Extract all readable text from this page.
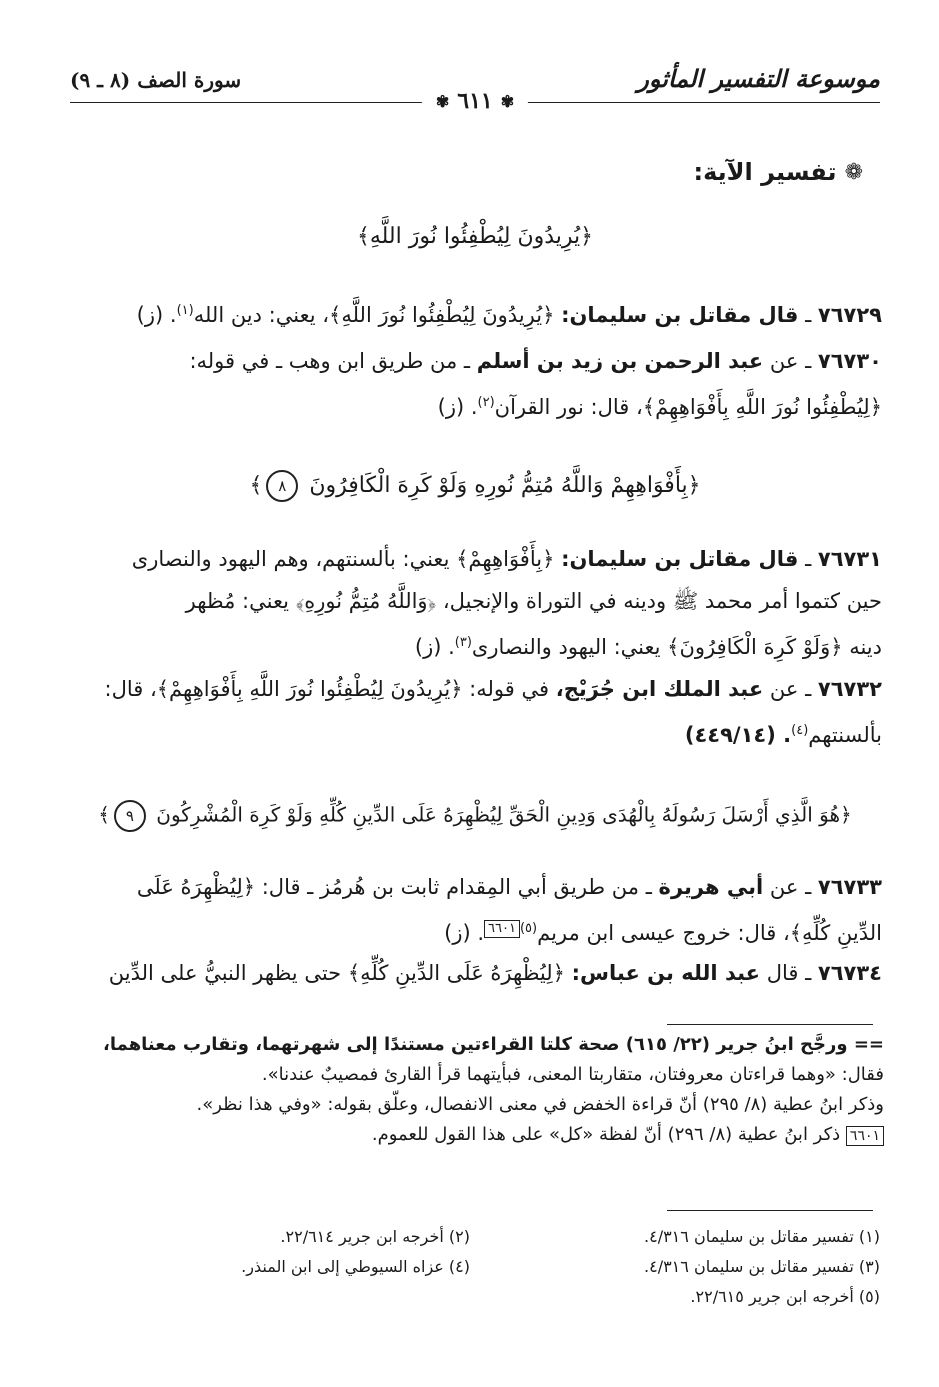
موسوعة التفسير المأثور
سورة الصف (٨ ـ ٩)
✾
٦١١
✾
❁
تفسير الآية:
﴿يُرِيدُونَ لِيُطْفِئُوا نُورَ اللَّهِ﴾
٧٦٧٢٩ ـ قال مقاتل بن سليمان: ﴿يُرِيدُونَ لِيُطْفِئُوا نُورَ اللَّهِ﴾، يعني: دين الله$^{(١)}$. (ز)
٧٦٧٣٠ ـ عن عبد الرحمن بن زيد بن أسلم ـ من طريق ابن وهب ـ في قوله:
﴿لِيُطْفِئُوا نُورَ اللَّهِ بِأَفْوَاهِهِمْ﴾، قال: نور القرآن$^{(٢)}$. (ز)
﴿بِأَفْوَاهِهِمْ وَاللَّهُ مُتِمُّ نُورِهِ وَلَوْ كَرِهَ الْكَافِرُونَ ٨﴾
٧٦٧٣١ ـ قال مقاتل بن سليمان: ﴿بِأَفْوَاهِهِمْ﴾ يعني: بألسنتهم، وهم اليهود والنصارى
حين كتموا أمر محمد ﷺ ودينه في التوراة والإنجيل، ﴿وَاللَّهُ مُتِمُّ نُورِهِ﴾ يعني: مُظهر
دينه ﴿وَلَوْ كَرِهَ الْكَافِرُونَ﴾ يعني: اليهود والنصارى$^{(٣)}$. (ز)
٧٦٧٣٢ ـ عن عبد الملك ابن جُرَيْج، في قوله: ﴿يُرِيدُونَ لِيُطْفِئُوا نُورَ اللَّهِ بِأَفْوَاهِهِمْ﴾، قال:
بألسنتهم$^{(٤)}$. (٤٤٩/١٤)
﴿هُوَ الَّذِي أَرْسَلَ رَسُولَهُ بِالْهُدَى وَدِينِ الْحَقِّ لِيُظْهِرَهُ عَلَى الدِّينِ كُلِّهِ وَلَوْ كَرِهَ الْمُشْرِكُونَ ٩﴾
٧٦٧٣٣ ـ عن أبي هريرة ـ من طريق أبي المِقدام ثابت بن هُرمُز ـ قال: ﴿لِيُظْهِرَهُ عَلَى
الدِّينِ كُلِّهِ﴾، قال: خروج عيسى ابن مريم$^{(٥)}$٦٦٠١. (ز)
٧٦٧٣٤ ـ قال عبد الله بن عباس: ﴿لِيُظْهِرَهُ عَلَى الدِّينِ كُلِّهِ﴾ حتى يظهر النبيُّ على الدِّين
== ورجَّح ابنُ جرير (٢٢/ ٦١٥) صحة كلتا القراءتين مستندًا إلى شهرتهما، وتقارب معناهما،
فقال: «وهما قراءتان معروفتان، متقاربتا المعنى، فبأيتهما قرأ القارئ فمصيبٌ عندنا».
وذكر ابنُ عطية (٨/ ٢٩٥) أنّ قراءة الخفض في معنى الانفصال، وعلّق بقوله: «وفي هذا نظر».
٦٦٠١ ذكر ابنُ عطية (٨/ ٢٩٦) أنّ لفظة «كل» على هذا القول للعموم.
(١) تفسير مقاتل بن سليمان ٤/٣١٦.
(٢) أخرجه ابن جرير ٢٢/٦١٤.
(٣) تفسير مقاتل بن سليمان ٤/٣١٦.
(٤) عزاه السيوطي إلى ابن المنذر.
(٥) أخرجه ابن جرير ٢٢/٦١٥.
